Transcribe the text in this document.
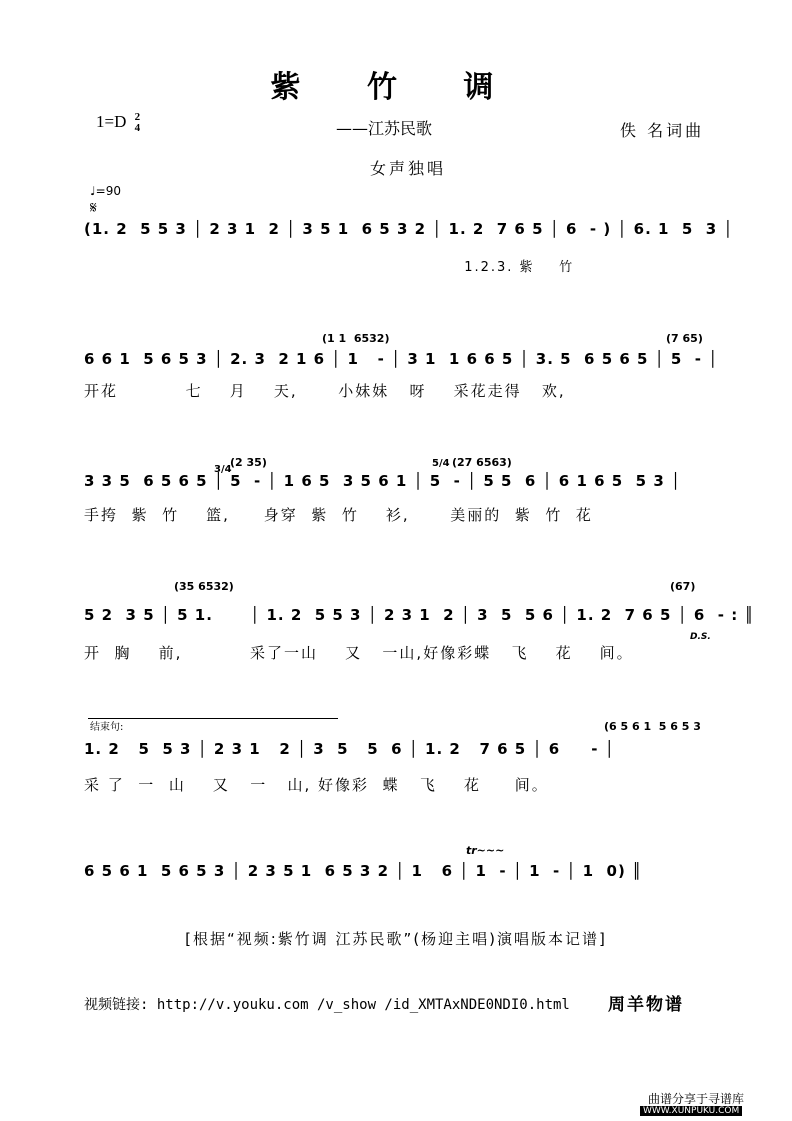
紫 竹 调
1=D 2
4	——江苏民歌	佚 名词曲
女声独唱
♩=90
𝄋
(1. 2  5 5 3 │ 2 3 1  2 │ 3 5 1  6 5 3 2 │ 1. 2  7 6 5 │ 6  - ) │ 6. 1  5  3 │
1.2.3. 紫    竹
(1 1  6532)	(7 65)
6 6 1  5 6 5 3 │ 2. 3  2 1 6 │ 1   - │ 3 1  1 6 6 5 │ 3. 5  6 5 6 5 │ 5  - │
开花          七    月    天,      小妹妹   呀    采花走得   欢,
(2 35)	(27 6563)
3/4
5/4
3 3 5  6 5 6 5 │ 5  - │ 1 6 5  3 5 6 1 │ 5  - │ 5 5  6 │ 6 1 6 5  5 3 │
手挎  紫  竹    篮,     身穿  紫  竹    衫,      美丽的  紫  竹  花
(35 6532)	(67)
5 2  3 5 │ 5 1.      │ 1. 2  5 5 3 │ 2 3 1  2 │ 3  5  5 6 │ 1. 2  7 6 5 │ 6  - : ║
D.S.
开  胸    前,          采了一山    又   一山,好像彩蝶   飞    花    间。
结束句:	(6 5 6 1  5 6 5 3
1. 2   5  5 3 │ 2 3 1   2 │ 3  5   5  6 │ 1. 2   7 6 5 │ 6     - │
采 了  一  山    又   一   山, 好像彩  蝶   飞    花     间。
tr~~~
6 5 6 1  5 6 5 3 │ 2 3 5 1  6 5 3 2 │ 1   6 │ 1  - │ 1  - │ 1  0) ║
[根据“视频:紫竹调 江苏民歌”(杨迎主唱)演唱版本记谱]
视频链接: http://v.youku.com /v_show /id_XMTAxNDE0NDI0.html 周羊物谱
曲谱分享于寻谱库
WWW.XUNPUKU.COM
